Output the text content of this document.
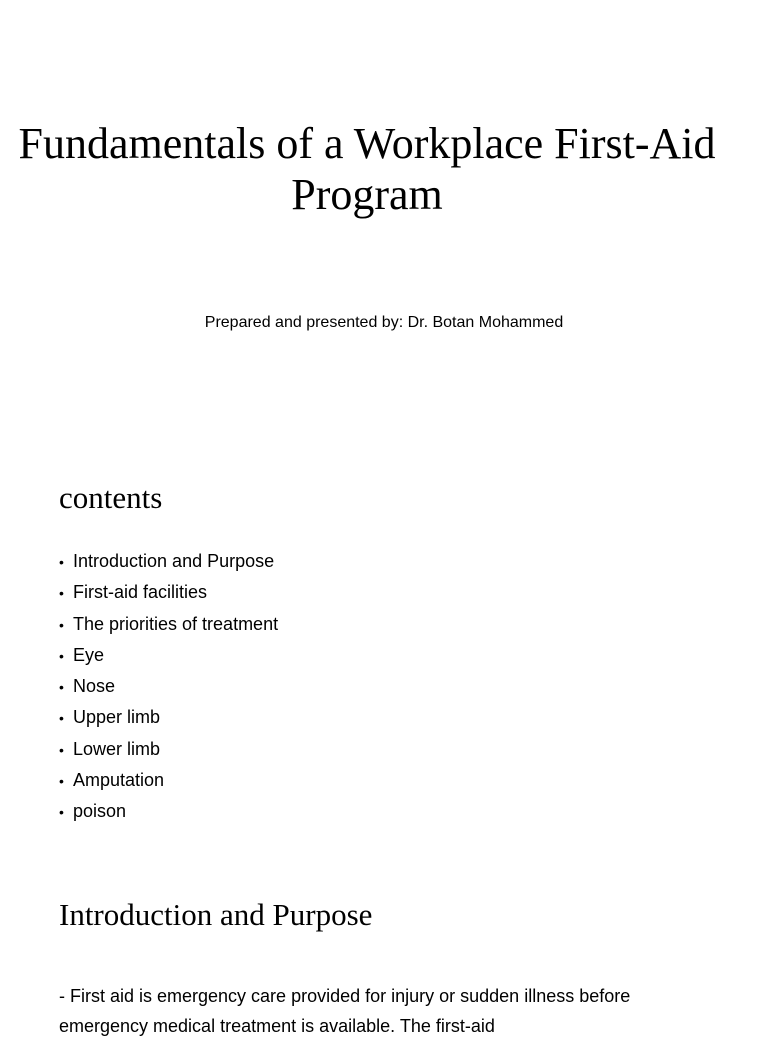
Fundamentals of a Workplace First-Aid Program

Prepared and presented by: Dr. Botan Mohammed

contents
• Introduction and Purpose
• First-aid facilities
• The priorities of treatment
• Eye
• Nose
• Upper limb
• Lower limb
• Amputation
• poison
Introduction and Purpose

- First aid is emergency care provided for injury or sudden illness before emergency medical treatment is available. The first-aid
